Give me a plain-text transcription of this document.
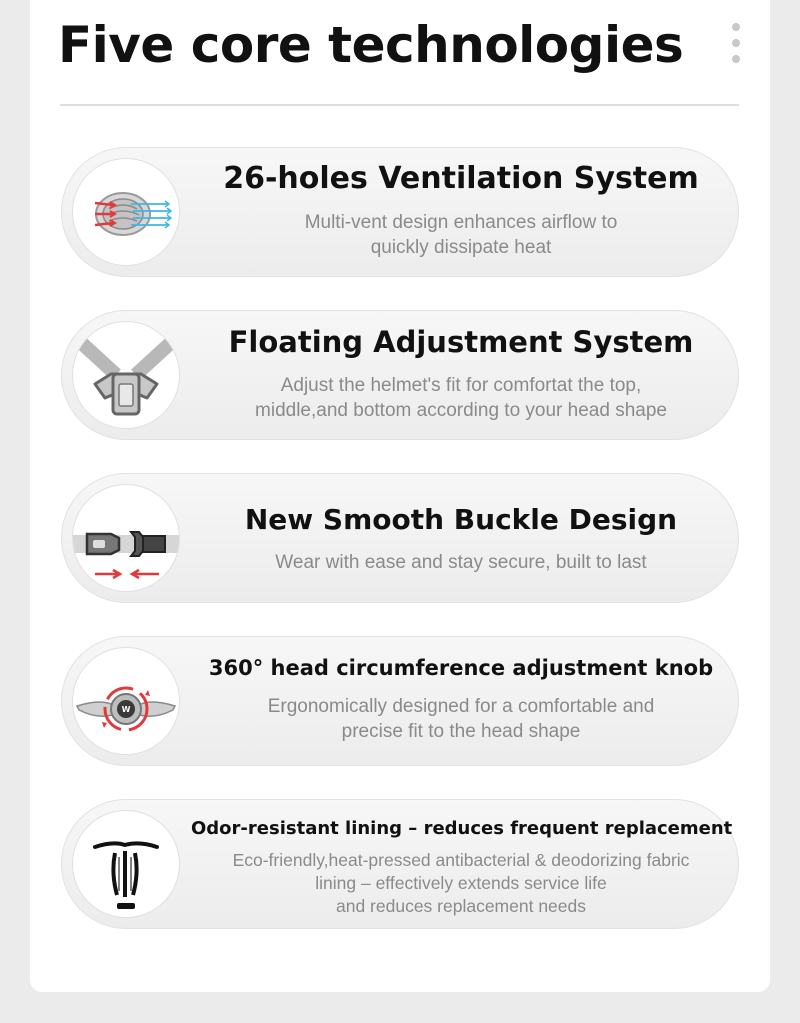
Five core technologies
26-holes Ventilation System
Multi-vent design enhances airflow to
quickly dissipate heat
Floating Adjustment System
Adjust the helmet's fit for comfortat the top,
middle,and bottom according to your head shape
New Smooth Buckle Design
Wear with ease and stay secure, built to last
W
360° head circumference adjustment knob
Ergonomically designed for a comfortable and
precise fit to the head shape
Odor-resistant lining – reduces frequent replacement
Eco-friendly,heat-pressed antibacterial & deodorizing fabric
lining – effectively extends service life
and reduces replacement needs
